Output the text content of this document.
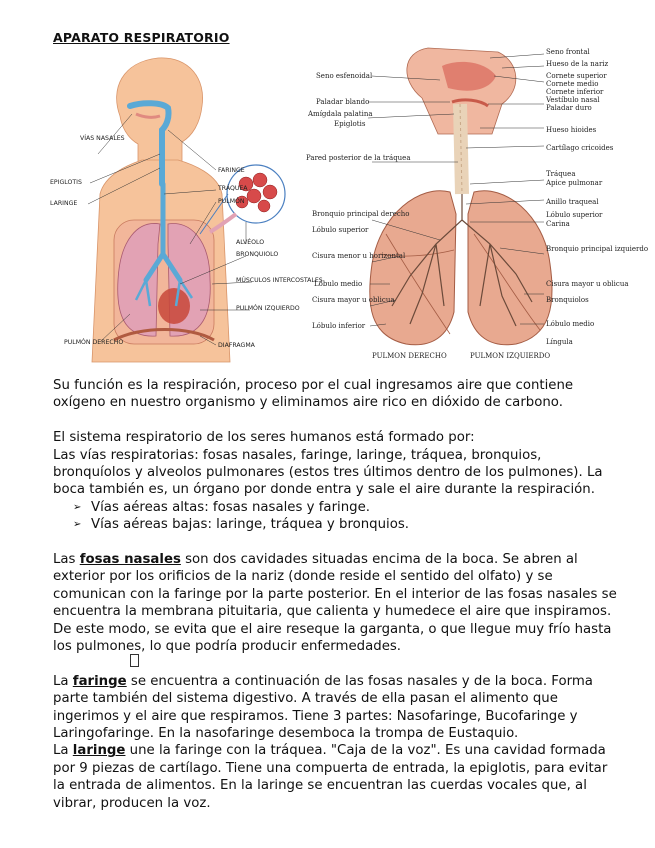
APARATO RESPIRATORIO
VÍAS NASALES
FARINGE
EPIGLOTIS
TRÁQUEA
LARINGE	PULMÓN
ALVÉOLO
BRONQUIOLO
MÚSCULOS INTERCOSTALES
PULMÓN IZQUIERDO
PULMÓN DERECHO	DIAFRAGMA
Seno esfenoidal
Paladar blando
Amígdala palatina
Epiglotis
Pared posterior de la tráquea
Bronquio principal derecho
Lóbulo superior
Cisura menor u horizontal
Lóbulo medio
Cisura mayor u oblicua
Lóbulo inferior
PULMON DERECHO	PULMON IZQUIERDO
Seno frontal
Hueso de la nariz
Cornete superior
Cornete medio
Cornete inferior
Vestíbulo nasal
Paladar duro
Hueso hioides
Cartílago cricoides
Tráquea
Apice pulmonar
Anillo traqueal
Lóbulo superior
Carina
Bronquio principal izquierdo
Cisura mayor u oblicua
Bronquiolos
Lóbulo medio
Língula

Su función es la respiración, proceso por el cual ingresamos aire que contiene oxígeno en nuestro organismo y eliminamos aire rico en dióxido de carbono.

El sistema respiratorio de los seres humanos está formado por:

Las vías respiratorias: fosas nasales, faringe, laringe, tráquea, bronquios, bronquíolos y alveolos pulmonares (estos tres últimos dentro de los pulmones). La boca también es, un órgano por donde entra y sale el aire durante la respiración.

➢ Vías aéreas altas: fosas nasales y faringe.
➢ Vías aéreas bajas: laringe, tráquea y bronquios.

Las fosas nasales son dos cavidades situadas encima de la boca. Se abren al exterior por los orificios de la nariz (donde reside el sentido del olfato) y se comunican con la faringe por la parte posterior. En el interior de las fosas nasales se encuentra la membrana pituitaria, que calienta y humedece el aire que inspiramos. De este modo, se evita que el aire reseque la garganta, o que llegue muy frío hasta los pulmones, lo que podría producir enfermedades.

La faringe se encuentra a continuación de las fosas nasales y de la boca. Forma parte también del sistema digestivo. A través de ella pasan el alimento que ingerimos y el aire que respiramos. Tiene 3 partes: Nasofaringe, Bucofaringe y Laringofaringe. En la nasofaringe desemboca la trompa de Eustaquio.

La laringe une la faringe con la tráquea. "Caja de la voz". Es una cavidad formada por 9 piezas de cartílago. Tiene una compuerta de entrada, la epiglotis, para evitar la entrada de alimentos. En la laringe se encuentran las cuerdas vocales que, al vibrar, producen la voz.
